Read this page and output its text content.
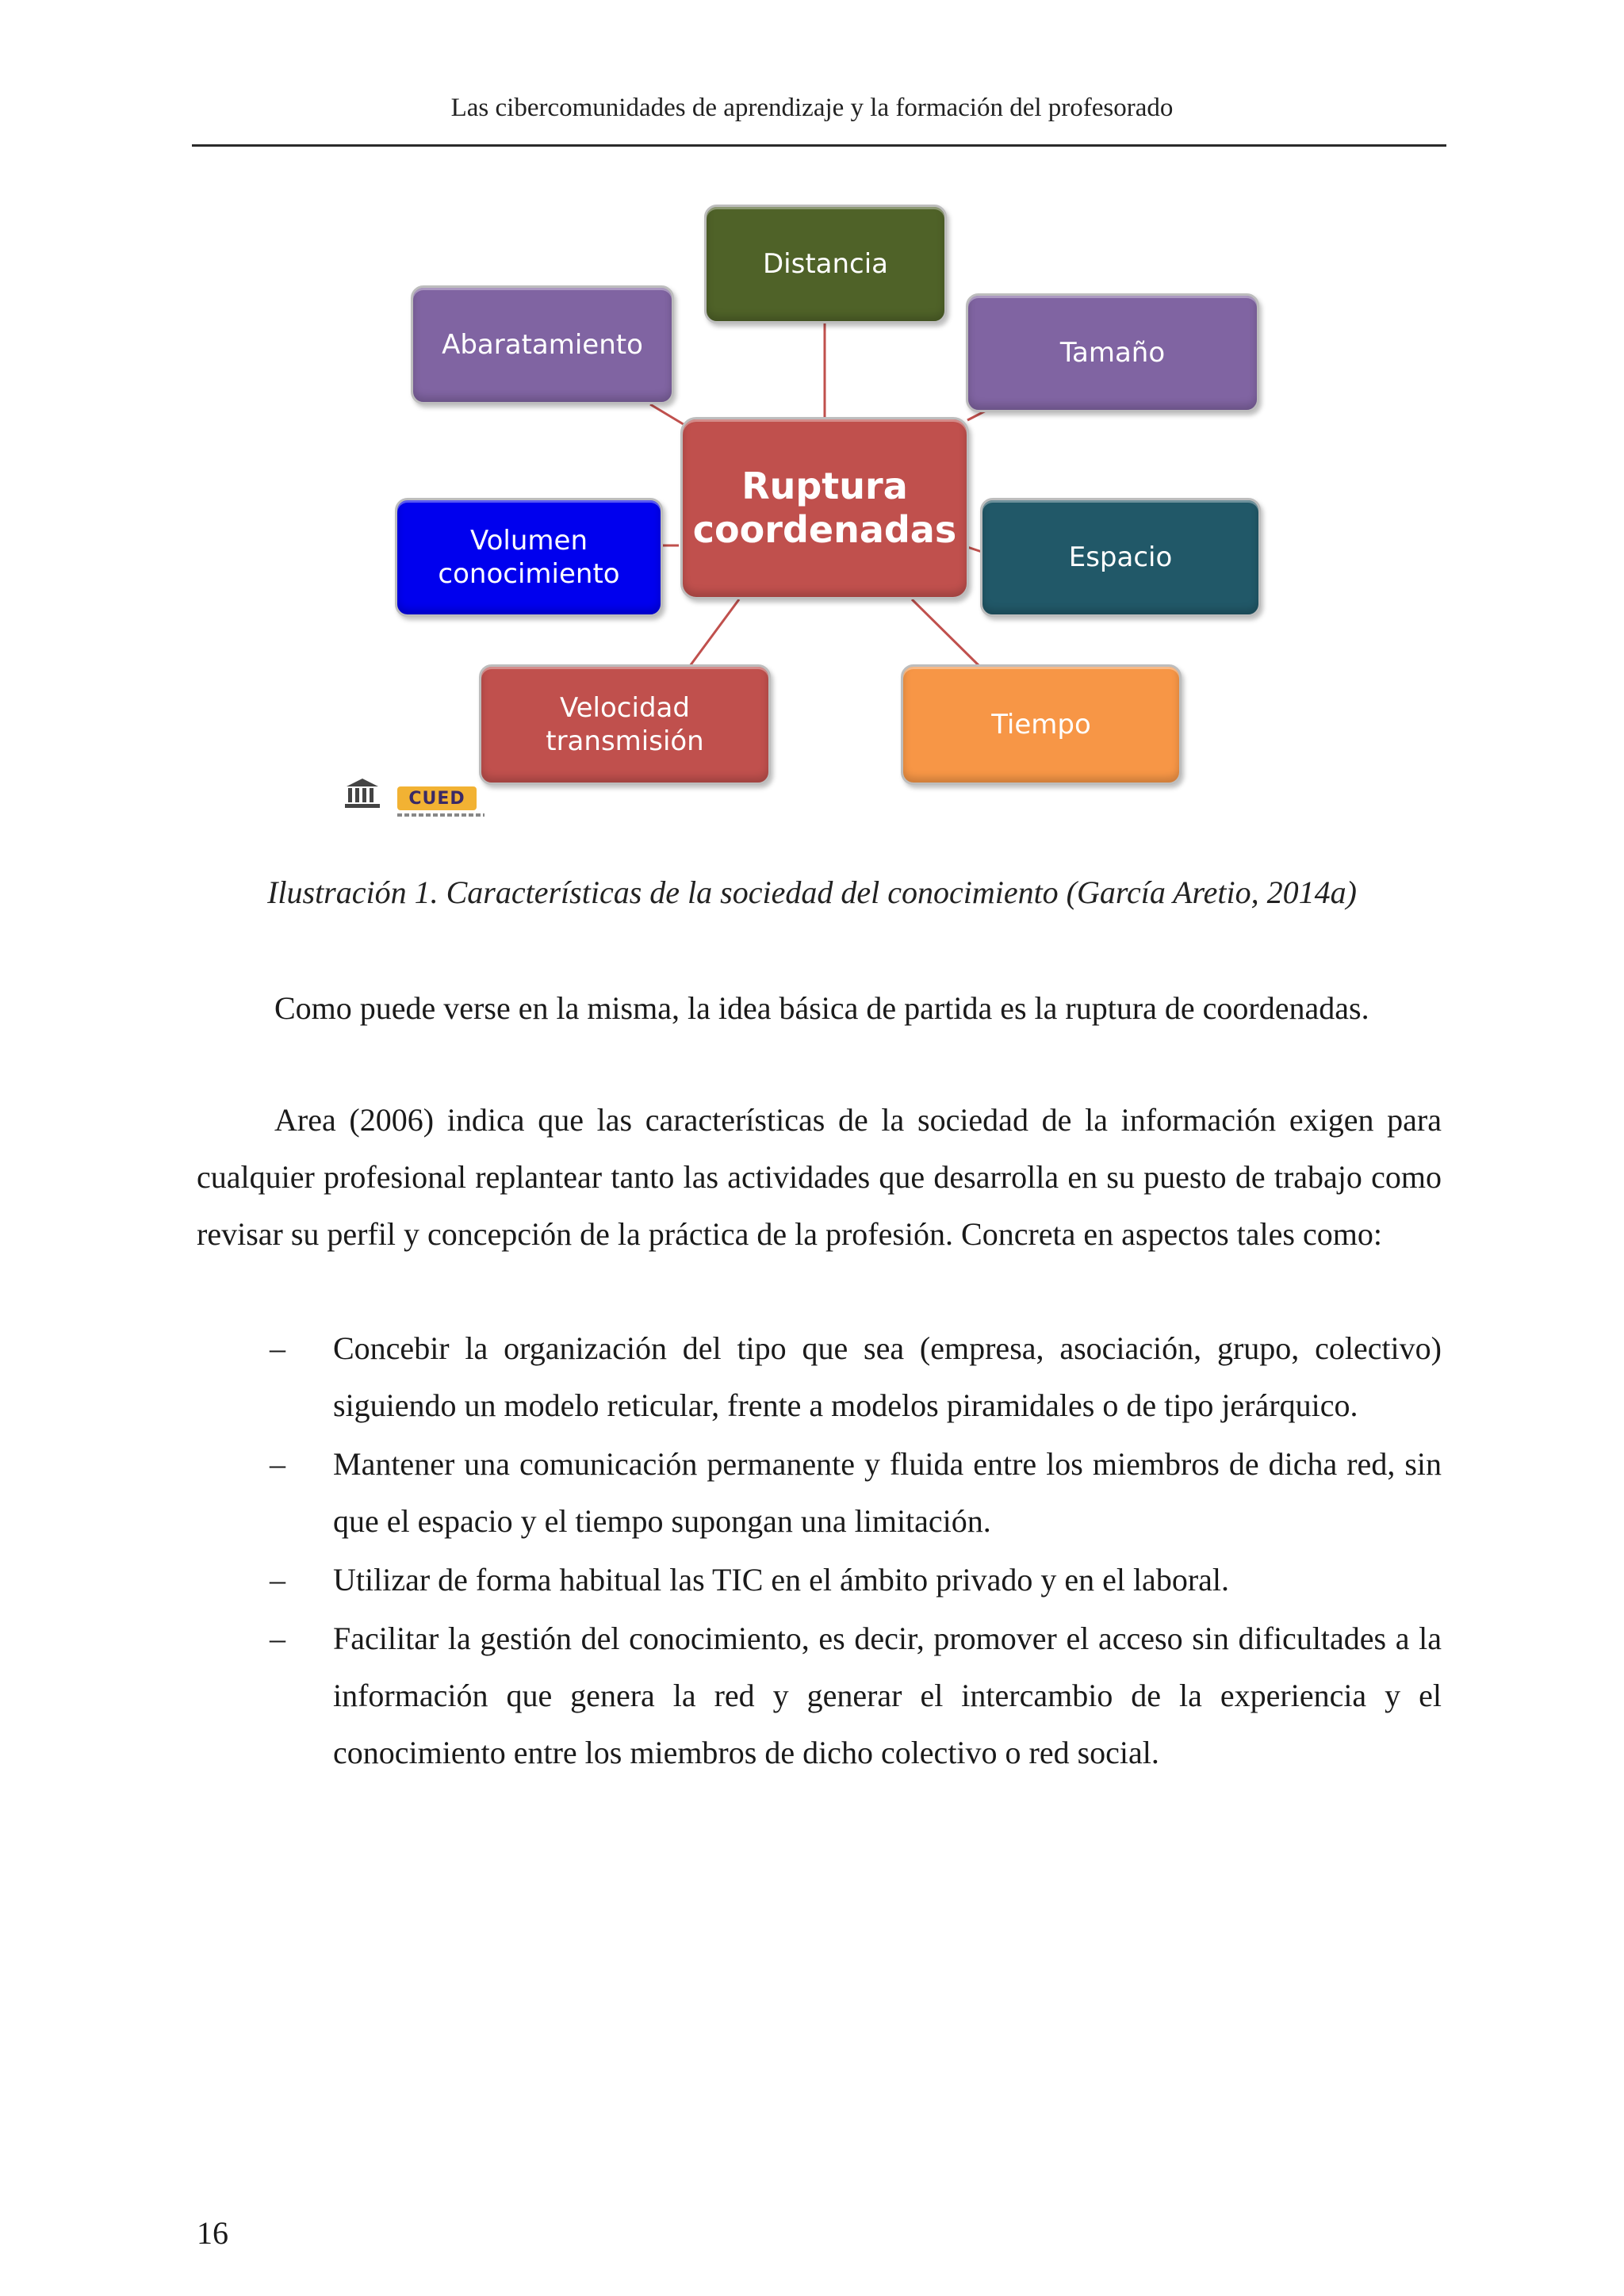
Las cibercomunidades de aprendizaje y la formación del profesorado
Distancia
Abaratamiento	Tamaño
Ruptura
coordenadas
Volumen
conocimiento
Espacio
Velocidad
transmisión
Tiempo
CUED
Ilustración 1. Características de la sociedad del conocimiento (García Aretio, 2014a)
Como puede verse en la misma, la idea básica de partida es la ruptura de coordenadas.
Area (2006) indica que las características de la sociedad de la información exigen para cualquier profesional replantear tanto las actividades que desarrolla en su puesto de trabajo como revisar su perfil y concepción de la práctica de la profesión. Concreta en aspectos tales como:
– Concebir la organización del tipo que sea (empresa, asociación, grupo, colectivo) siguiendo un modelo reticular, frente a modelos piramidales o de tipo jerárquico.
– Mantener una comunicación permanente y fluida entre los miembros de dicha red, sin que el espacio y el tiempo supongan una limitación.
– Utilizar de forma habitual las TIC en el ámbito privado y en el laboral.
– Facilitar la gestión del conocimiento, es decir, promover el acceso sin dificultades a la información que genera la red y generar el intercambio de la experiencia y el conocimiento entre los miembros de dicho colectivo o red social.
16
